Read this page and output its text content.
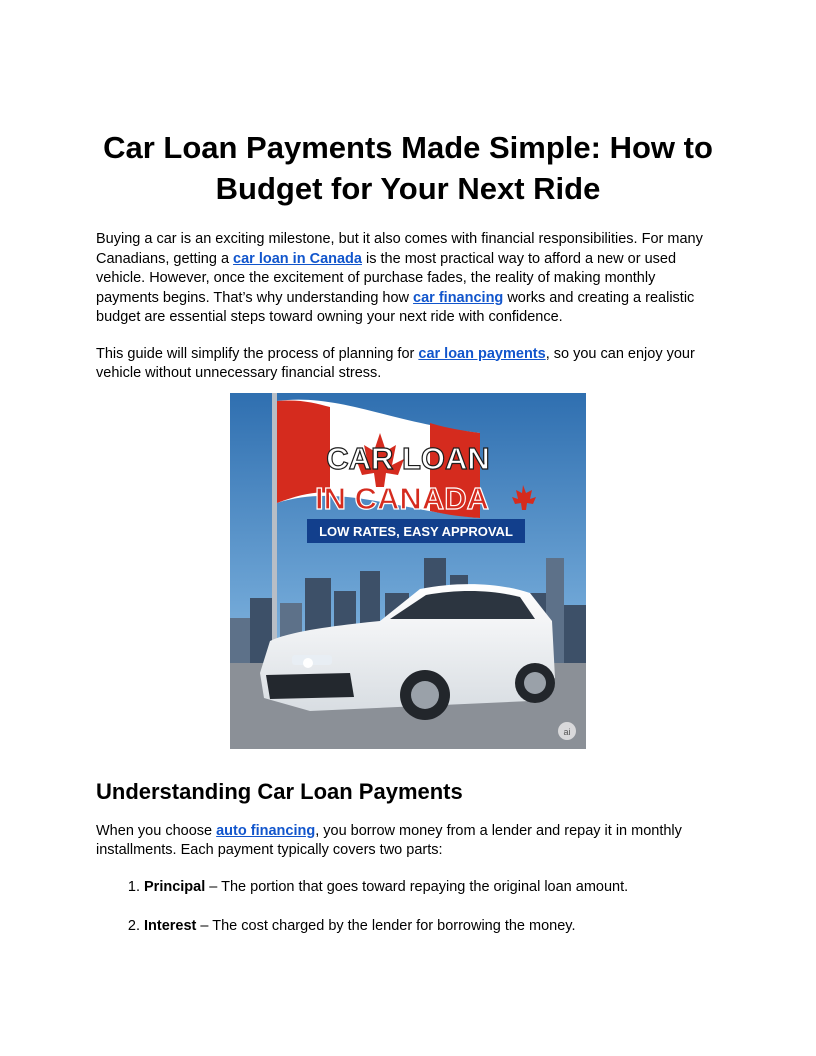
Car Loan Payments Made Simple: How to Budget for Your Next Ride

Buying a car is an exciting milestone, but it also comes with financial responsibilities. For many Canadians, getting a car loan in Canada is the most practical way to afford a new or used vehicle. However, once the excitement of purchase fades, the reality of making monthly payments begins. That’s why understanding how car financing works and creating a realistic budget are essential steps toward owning your next ride with confidence.

This guide will simplify the process of planning for car loan payments, so you can enjoy your vehicle without unnecessary financial stress.

CAR LOAN
IN CANADA
LOW RATES, EASY APPROVAL
ai
Understanding Car Loan Payments

When you choose auto financing, you borrow money from a lender and repay it in monthly installments. Each payment typically covers two parts:

1. Principal – The portion that goes toward repaying the original loan amount.
2. Interest – The cost charged by the lender for borrowing the money.
